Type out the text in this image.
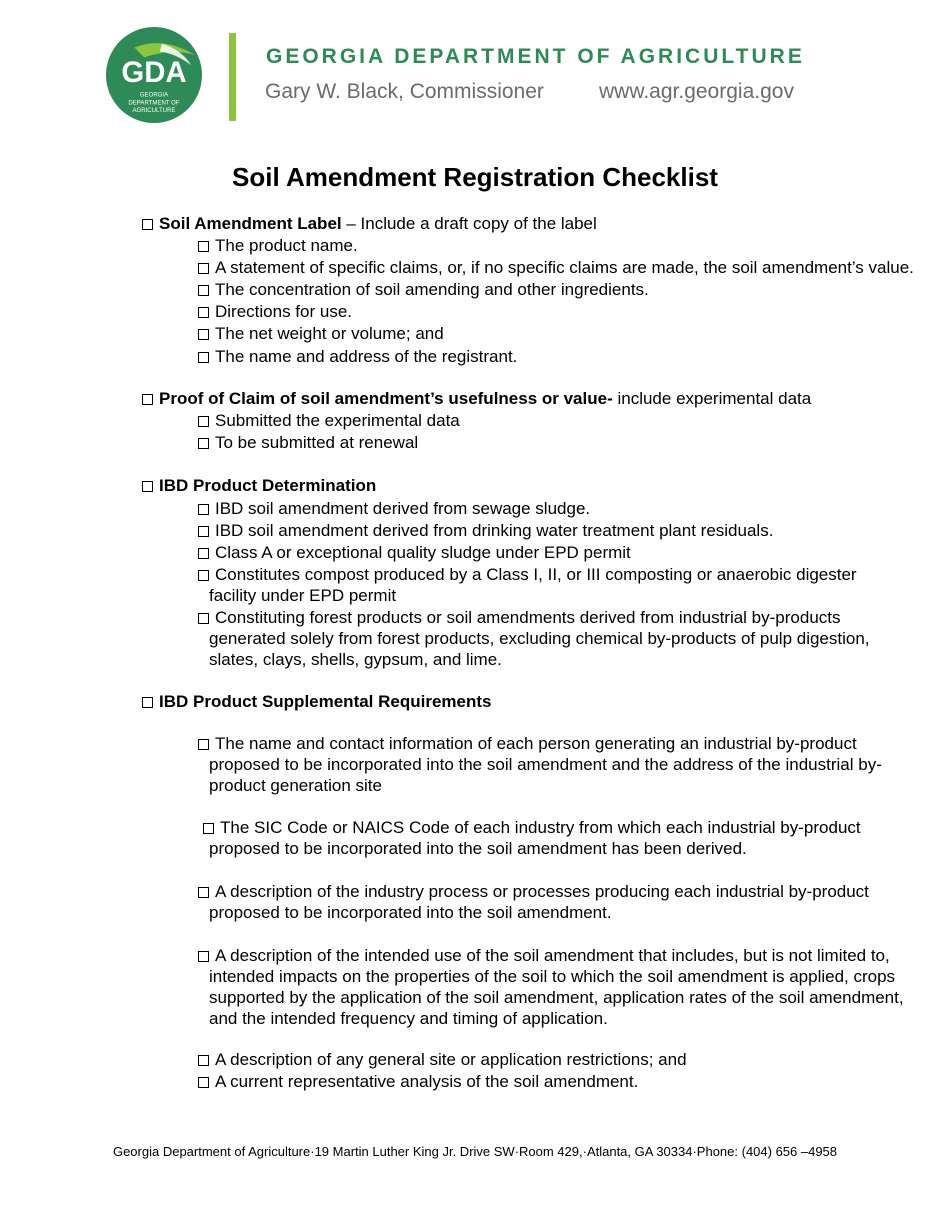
GDA
GEORGIA
DEPARTMENT OF
AGRICULTURE
GEORGIA DEPARTMENT OF AGRICULTURE
Gary W. Black, Commissioner	www.agr.georgia.gov
Soil Amendment Registration Checklist
Soil Amendment Label – Include a draft copy of the label
The product name.
A statement of specific claims, or, if no specific claims are made, the soil amendment’s value.
The concentration of soil amending and other ingredients.
Directions for use.
The net weight or volume; and
The name and address of the registrant.
Proof of Claim of soil amendment’s usefulness or value- include experimental data
Submitted the experimental data
To be submitted at renewal
IBD Product Determination
IBD soil amendment derived from sewage sludge.
IBD soil amendment derived from drinking water treatment plant residuals.
Class A or exceptional quality sludge under EPD permit
Constitutes compost produced by a Class I, II, or III composting or anaerobic digester
facility under EPD permit
Constituting forest products or soil amendments derived from industrial by-products
generated solely from forest products, excluding chemical by-products of pulp digestion,
slates, clays, shells, gypsum, and lime.
IBD Product Supplemental Requirements
The name and contact information of each person generating an industrial by-product
proposed to be incorporated into the soil amendment and the address of the industrial by-
product generation site
The SIC Code or NAICS Code of each industry from which each industrial by-product
proposed to be incorporated into the soil amendment has been derived.
A description of the industry process or processes producing each industrial by-product
proposed to be incorporated into the soil amendment.
A description of the intended use of the soil amendment that includes, but is not limited to,
intended impacts on the properties of the soil to which the soil amendment is applied, crops
supported by the application of the soil amendment, application rates of the soil amendment,
and the intended frequency and timing of application.
A description of any general site or application restrictions; and
A current representative analysis of the soil amendment.
Georgia Department of Agriculture·19 Martin Luther King Jr. Drive SW·Room 429,·Atlanta, GA 30334·Phone: (404) 656 –4958
